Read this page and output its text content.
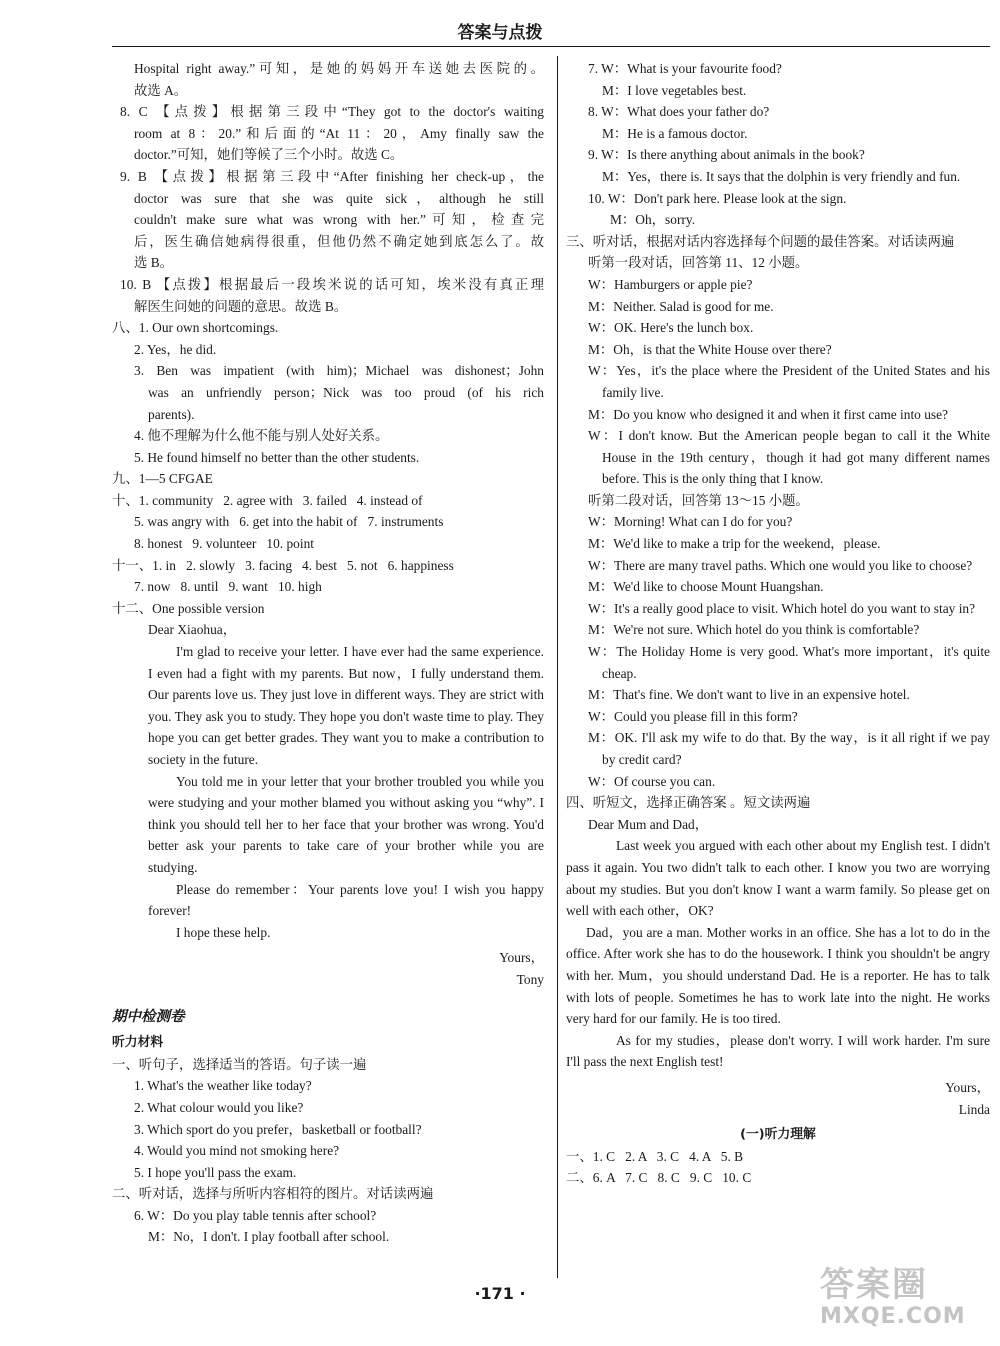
答案与点拨

Hospital right away.”可知，是她的妈妈开车送她去医院的。

故选 A。

8. C 【点拨】根据第三段中“They got to the doctor's waiting

room at 8：20.”和后面的“At 11：20，Amy finally saw the

doctor.”可知，她们等候了三个小时。故选 C。

9. B 【点拨】根据第三段中“After finishing her check-up，the

doctor was sure that she was quite sick，although he still

couldn't make sure what was wrong with her.”可知，检查完

后，医生确信她病得很重，但他仍然不确定她到底怎么了。故

选 B。

10. B 【点拨】根据最后一段埃米说的话可知，埃米没有真正理

解医生问她的问题的意思。故选 B。

八、1. Our own shortcomings.

2. Yes，he did.

3. Ben was impatient (with him)；Michael was dishonest；John

was an unfriendly person；Nick was too proud (of his rich

parents).

4. 他不理解为什么他不能与别人处好关系。

5. He found himself no better than the other students.

九、1—5 CFGAE

十、1. community   2. agree with   3. failed   4. instead of

5. was angry with   6. get into the habit of   7. instruments

8. honest   9. volunteer   10. point

十一、1. in   2. slowly   3. facing   4. best   5. not   6. happiness

7. now   8. until   9. want   10. high

十二、One possible version

Dear Xiaohua，

I'm glad to receive your letter. I have ever had the same experience. I even had a fight with my parents. But now，I fully understand them. Our parents love us. They just love in different ways. They are strict with you. They ask you to study. They hope you don't waste time to play. They hope you can get better grades. They want you to make a contribution to society in the future.

You told me in your letter that your brother troubled you while you were studying and your mother blamed you without asking you “why”. I think you should tell her to her face that your brother was wrong. You'd better ask your parents to take care of your brother while you are studying.

Please do remember：Your parents love you! I wish you happy forever!

I hope these help.

Yours，

Tony

期中检测卷

听力材料

一、听句子，选择适当的答语。句子读一遍

1. What's the weather like today?

2. What colour would you like?

3. Which sport do you prefer，basketball or football?

4. Would you mind not smoking here?

5. I hope you'll pass the exam.

二、听对话，选择与所听内容相符的图片。对话读两遍

6. W：Do you play table tennis after school?

M：No，I don't. I play football after school.

7. W：What is your favourite food?

M：I love vegetables best.

8. W：What does your father do?

M：He is a famous doctor.

9. W：Is there anything about animals in the book?

M：Yes，there is. It says that the dolphin is very friendly and fun.

10. W：Don't park here. Please look at the sign.

M：Oh，sorry.

三、听对话，根据对话内容选择每个问题的最佳答案。对话读两遍

听第一段对话，回答第 11、12 小题。

W：Hamburgers or apple pie?

M：Neither. Salad is good for me.

W：OK. Here's the lunch box.

M：Oh，is that the White House over there?

W：Yes，it's the place where the President of the United States and his family live.

M：Do you know who designed it and when it first came into use?

W：I don't know. But the American people began to call it the White House in the 19th century，though it had got many different names before. This is the only thing that I know.

听第二段对话，回答第 13～15 小题。

W：Morning! What can I do for you?

M：We'd like to make a trip for the weekend，please.

W：There are many travel paths. Which one would you like to choose?

M：We'd like to choose Mount Huangshan.

W：It's a really good place to visit. Which hotel do you want to stay in?

M：We're not sure. Which hotel do you think is comfortable?

W：The Holiday Home is very good. What's more important，it's quite cheap.

M：That's fine. We don't want to live in an expensive hotel.

W：Could you please fill in this form?

M：OK. I'll ask my wife to do that. By the way，is it all right if we pay by credit card?

W：Of course you can.

四、听短文，选择正确答案 。短文读两遍

Dear Mum and Dad，

Last week you argued with each other about my English test. I didn't pass it again. You two didn't talk to each other. I know you two are worrying about my studies. But you don't know I want a warm family. So please get on well with each other，OK?

Dad，you are a man. Mother works in an office. She has a lot to do in the office. After work she has to do the housework. I think you shouldn't be angry with her. Mum，you should understand Dad. He is a reporter. He has to talk with lots of people. Sometimes he has to work late into the night. He works very hard for our family. He is too tired.

As for my studies，please don't worry. I will work harder. I'm sure I'll pass the next English test!

Yours，

Linda

(一)听力理解

一、1. C   2. A   3. C   4. A   5. B

二、6. A   7. C   8. C   9. C   10. C

·171 ·	答案圈
MXQE.COM
